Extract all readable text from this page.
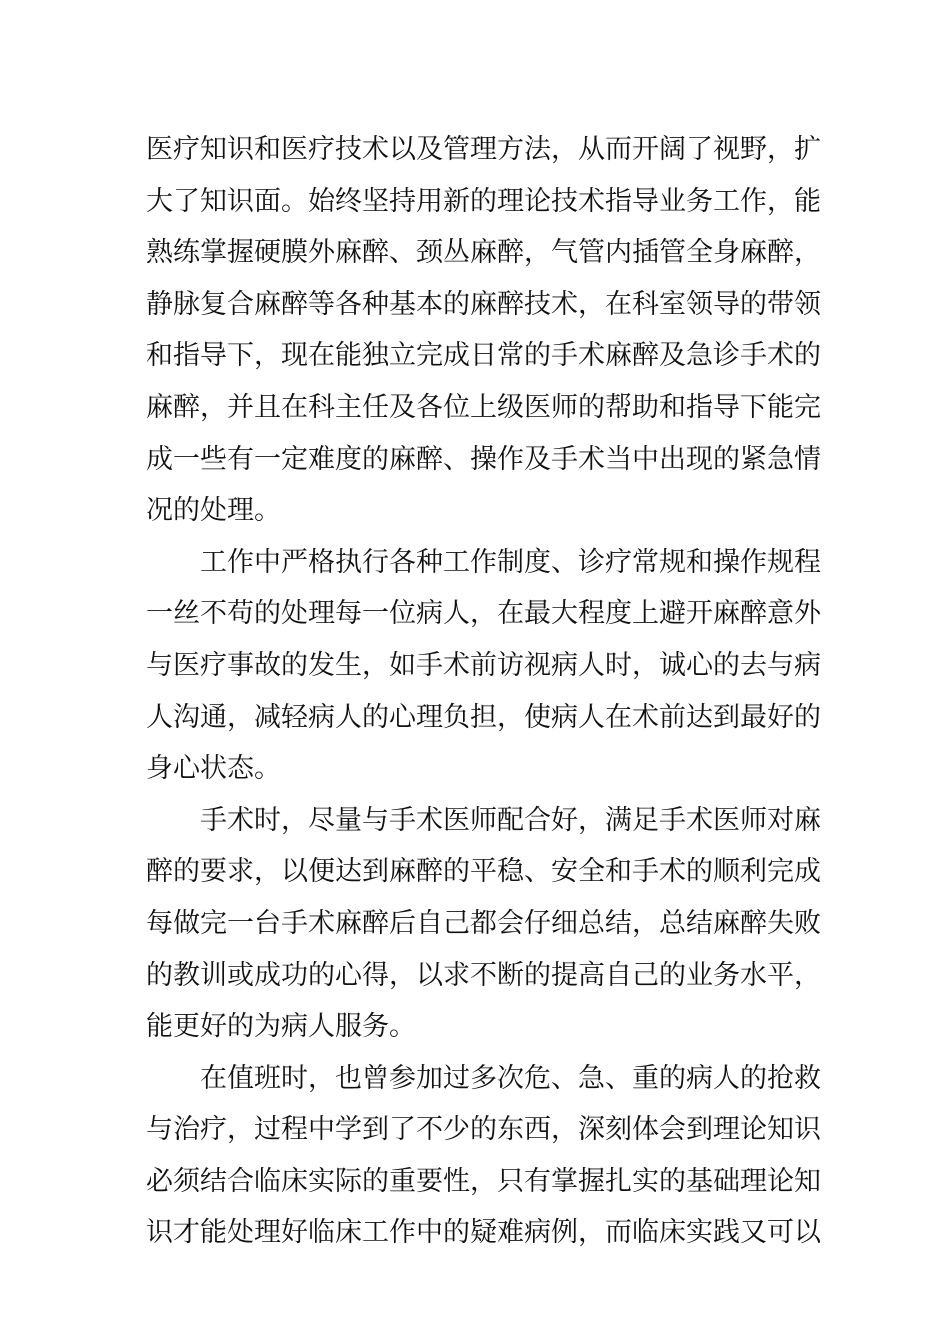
医疗知识和医疗技术以及管理方法，从而开阔了视野，扩
大了知识面。始终坚持用新的理论技术指导业务工作，能
熟练掌握硬膜外麻醉、颈丛麻醉，气管内插管全身麻醉，
静脉复合麻醉等各种基本的麻醉技术，在科室领导的带领
和指导下，现在能独立完成日常的手术麻醉及急诊手术的
麻醉，并且在科主任及各位上级医师的帮助和指导下能完
成一些有一定难度的麻醉、操作及手术当中出现的紧急情
况的处理。
工作中严格执行各种工作制度、诊疗常规和操作规程
一丝不苟的处理每一位病人，在最大程度上避开麻醉意外
与医疗事故的发生，如手术前访视病人时，诚心的去与病
人沟通，减轻病人的心理负担，使病人在术前达到最好的
身心状态。
手术时，尽量与手术医师配合好，满足手术医师对麻
醉的要求，以便达到麻醉的平稳、安全和手术的顺利完成
每做完一台手术麻醉后自己都会仔细总结，总结麻醉失败
的教训或成功的心得，以求不断的提高自己的业务水平，
能更好的为病人服务。
在值班时，也曾参加过多次危、急、重的病人的抢救
与治疗，过程中学到了不少的东西，深刻体会到理论知识
必须结合临床实际的重要性，只有掌握扎实的基础理论知
识才能处理好临床工作中的疑难病例，而临床实践又可以
